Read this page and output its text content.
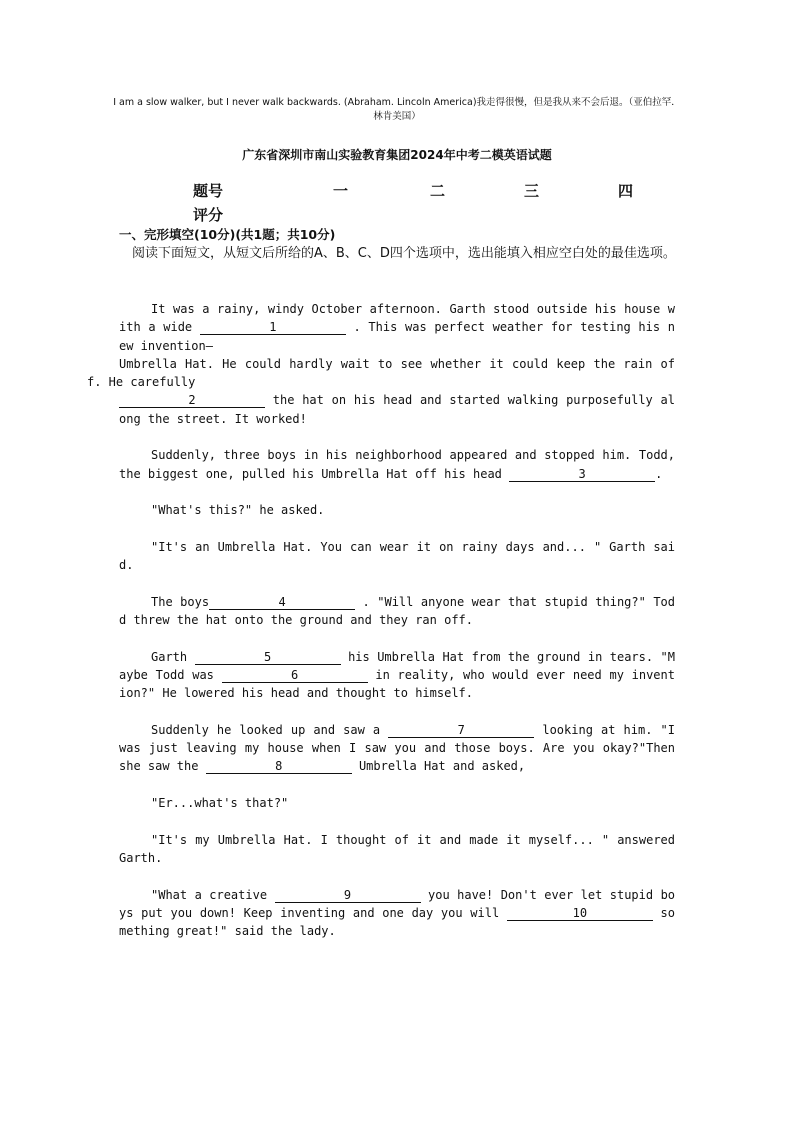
I am a slow walker, but I never walk backwards. (Abraham. Lincoln America)我走得很慢，但是我从来不会后退。（亚伯拉罕．林肯美国）
广东省深圳市南山实验教育集团2024年中考二模英语试题
题号	一	二	三	四
评分
一、完形填空(10分)(共1题；共10分)
阅读下面短文，从短文后所给的A、B、C、D四个选项中，选出能填入相应空白处的最佳选项。

It was a rainy, windy October afternoon. Garth stood outside his house with a wide	1	. This was perfect weather for testing his new invention—
Umbrella Hat. He could hardly wait to see whether it could keep the rain off. He carefully 2	the hat on his head and started walking purposefully along the street. It worked!

Suddenly, three boys in his neighborhood appeared and stopped him. Todd, the biggest one, pulled his Umbrella Hat off his head	3	.

"What's this?" he asked.

"It's an Umbrella Hat. You can wear it on rainy days and... " Garth said.

The boys	4	. "Will anyone wear that stupid thing?" Todd threw the hat onto the ground and they ran off.

Garth	5	his Umbrella Hat from the ground in tears. "Maybe Todd was	6	in reality, who would ever need my invention?" He lowered his head and thought to himself.

Suddenly he looked up and saw a	7	looking at him. "I was just leaving my house when I saw you and those boys. Are you okay?"Then she saw the	8	Umbrella Hat and asked,

"Er...what's that?"

"It's my Umbrella Hat. I thought of it and made it myself... " answered Garth.

"What a creative	9	you have! Don't ever let stupid boys put you down! Keep inventing and one day you will	10	something great!" said the lady.
